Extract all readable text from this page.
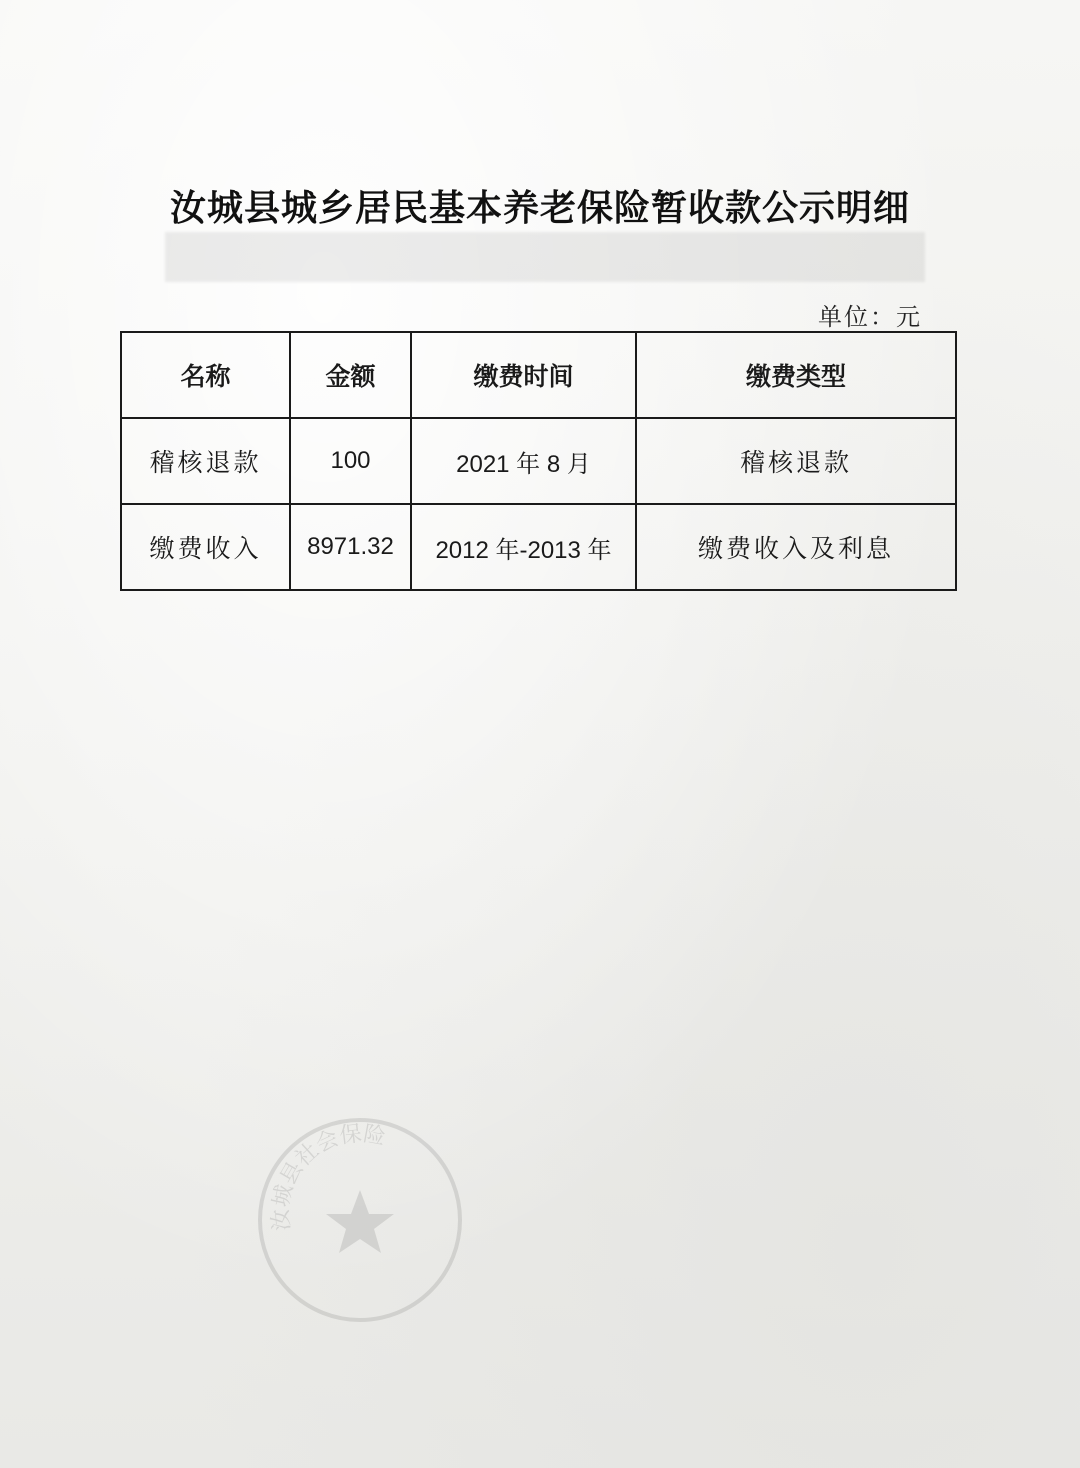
汝城县城乡居民基本养老保险暂收款公示明细
单位：元
名称	金额	缴费时间	缴费类型
稽核退款	100	2021 年 8 月	稽核退款
缴费收入	8971.32	2012 年-2013 年	缴费收入及利息
汝城县社会保险
